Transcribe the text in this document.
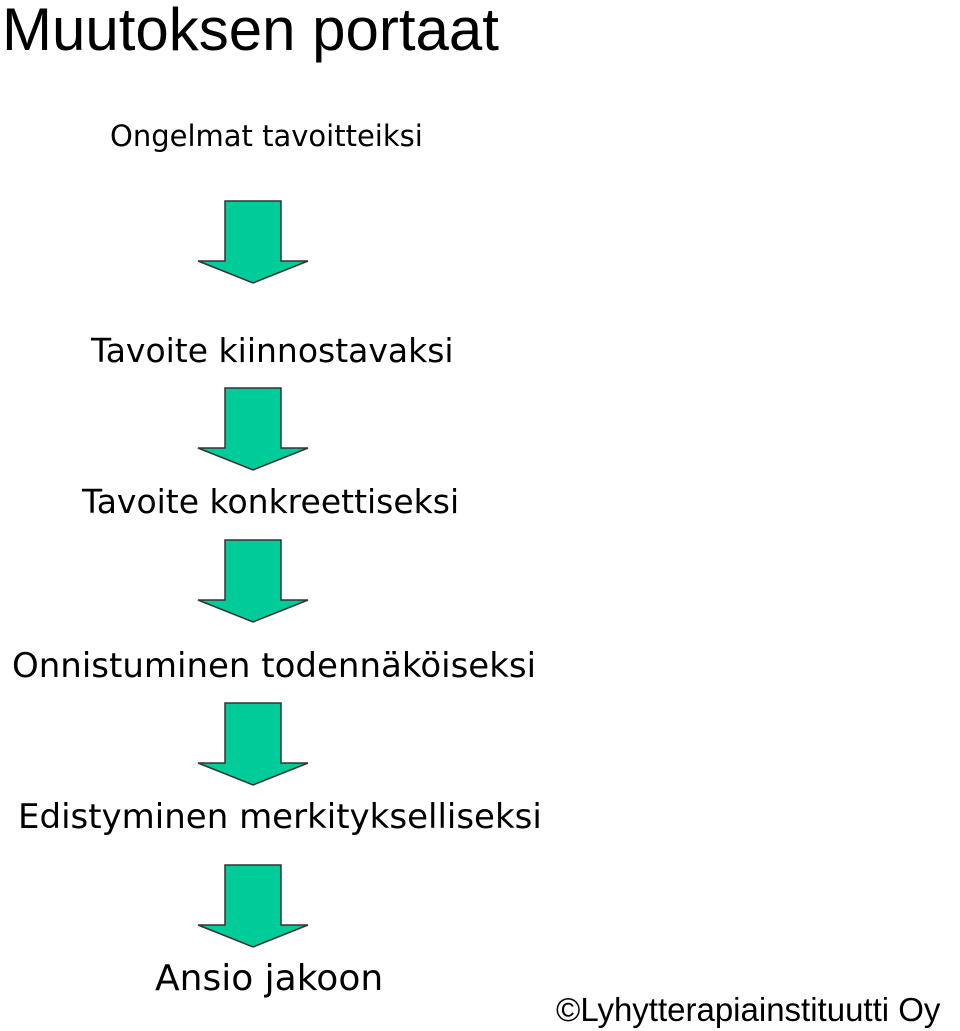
Muutoksen portaat
Ongelmat tavoitteiksi
Tavoite kiinnostavaksi
Tavoite konkreettiseksi
Onnistuminen todennäköiseksi
Edistyminen merkitykselliseksi
Ansio jakoon
©Lyhytterapiainstituutti Oy
